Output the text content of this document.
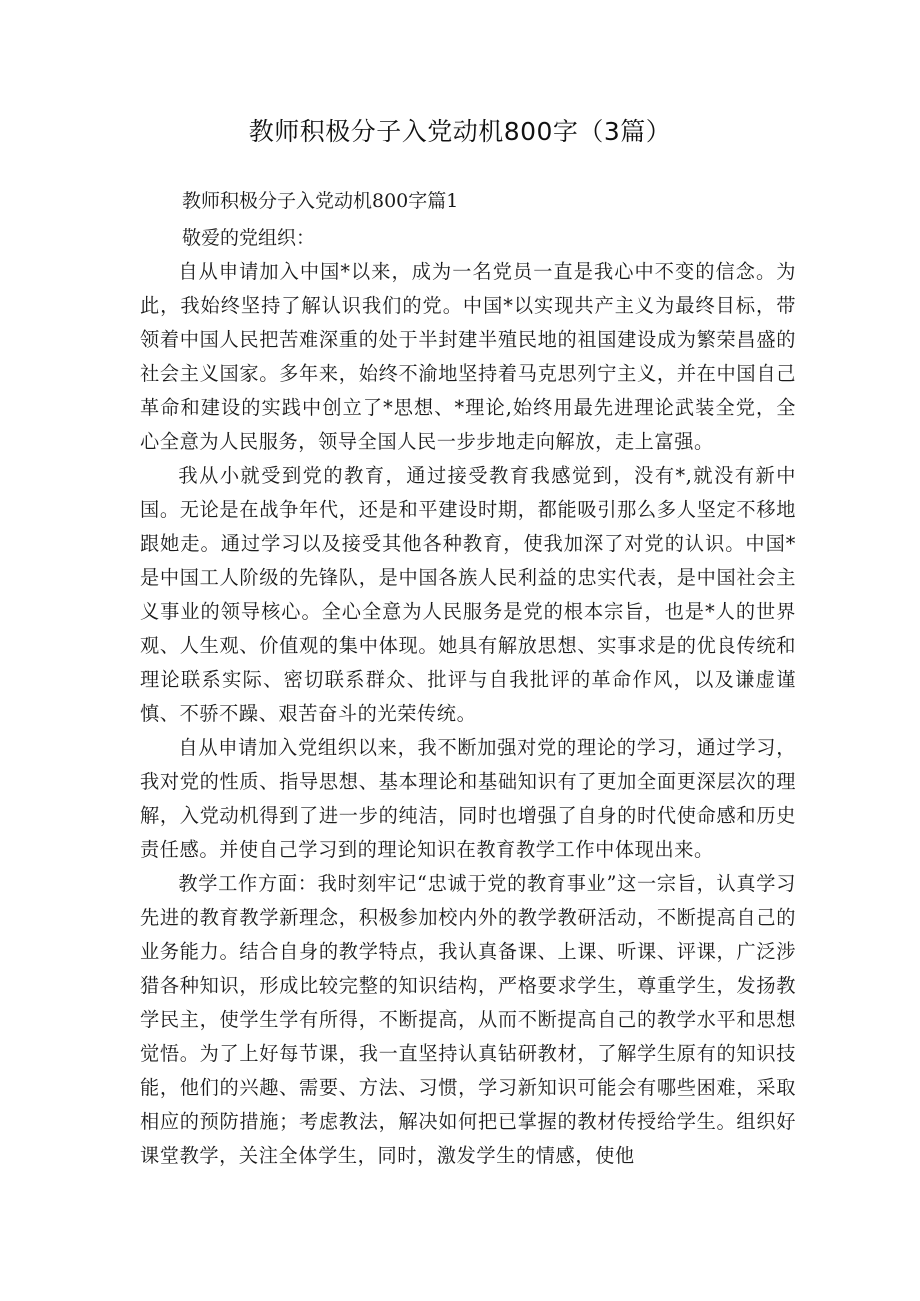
教师积极分子入党动机800字（3篇）
教师积极分子入党动机800字篇1

敬爱的党组织：

自从申请加入中国*以来，成为一名党员一直是我心中不变的信念。为此，我始终坚持了解认识我们的党。中国*以实现共产主义为最终目标，带领着中国人民把苦难深重的处于半封建半殖民地的祖国建设成为繁荣昌盛的社会主义国家。多年来，始终不渝地坚持着马克思列宁主义，并在中国自己革命和建设的实践中创立了*思想、*理论,始终用最先进理论武装全党，全心全意为人民服务，领导全国人民一步步地走向解放，走上富强。

我从小就受到党的教育，通过接受教育我感觉到，没有*,就没有新中国。无论是在战争年代，还是和平建设时期，都能吸引那么多人坚定不移地跟她走。通过学习以及接受其他各种教育，使我加深了对党的认识。中国*是中国工人阶级的先锋队，是中国各族人民利益的忠实代表，是中国社会主义事业的领导核心。全心全意为人民服务是党的根本宗旨，也是*人的世界观、人生观、价值观的集中体现。她具有解放思想、实事求是的优良传统和理论联系实际、密切联系群众、批评与自我批评的革命作风，以及谦虚谨慎、不骄不躁、艰苦奋斗的光荣传统。

自从申请加入党组织以来，我不断加强对党的理论的学习，通过学习，我对党的性质、指导思想、基本理论和基础知识有了更加全面更深层次的理解，入党动机得到了进一步的纯洁，同时也增强了自身的时代使命感和历史责任感。并使自己学习到的理论知识在教育教学工作中体现出来。

教学工作方面：我时刻牢记“忠诚于党的教育事业”这一宗旨，认真学习先进的教育教学新理念，积极参加校内外的教学教研活动，不断提高自己的业务能力。结合自身的教学特点，我认真备课、上课、听课、评课，广泛涉猎各种知识，形成比较完整的知识结构，严格要求学生，尊重学生，发扬教学民主，使学生学有所得，不断提高，从而不断提高自己的教学水平和思想觉悟。为了上好每节课，我一直坚持认真钻研教材，了解学生原有的知识技能，他们的兴趣、需要、方法、习惯，学习新知识可能会有哪些困难，采取相应的预防措施；考虑教法，解决如何把已掌握的教材传授给学生。组织好课堂教学，关注全体学生，同时，激发学生的情感，使他
